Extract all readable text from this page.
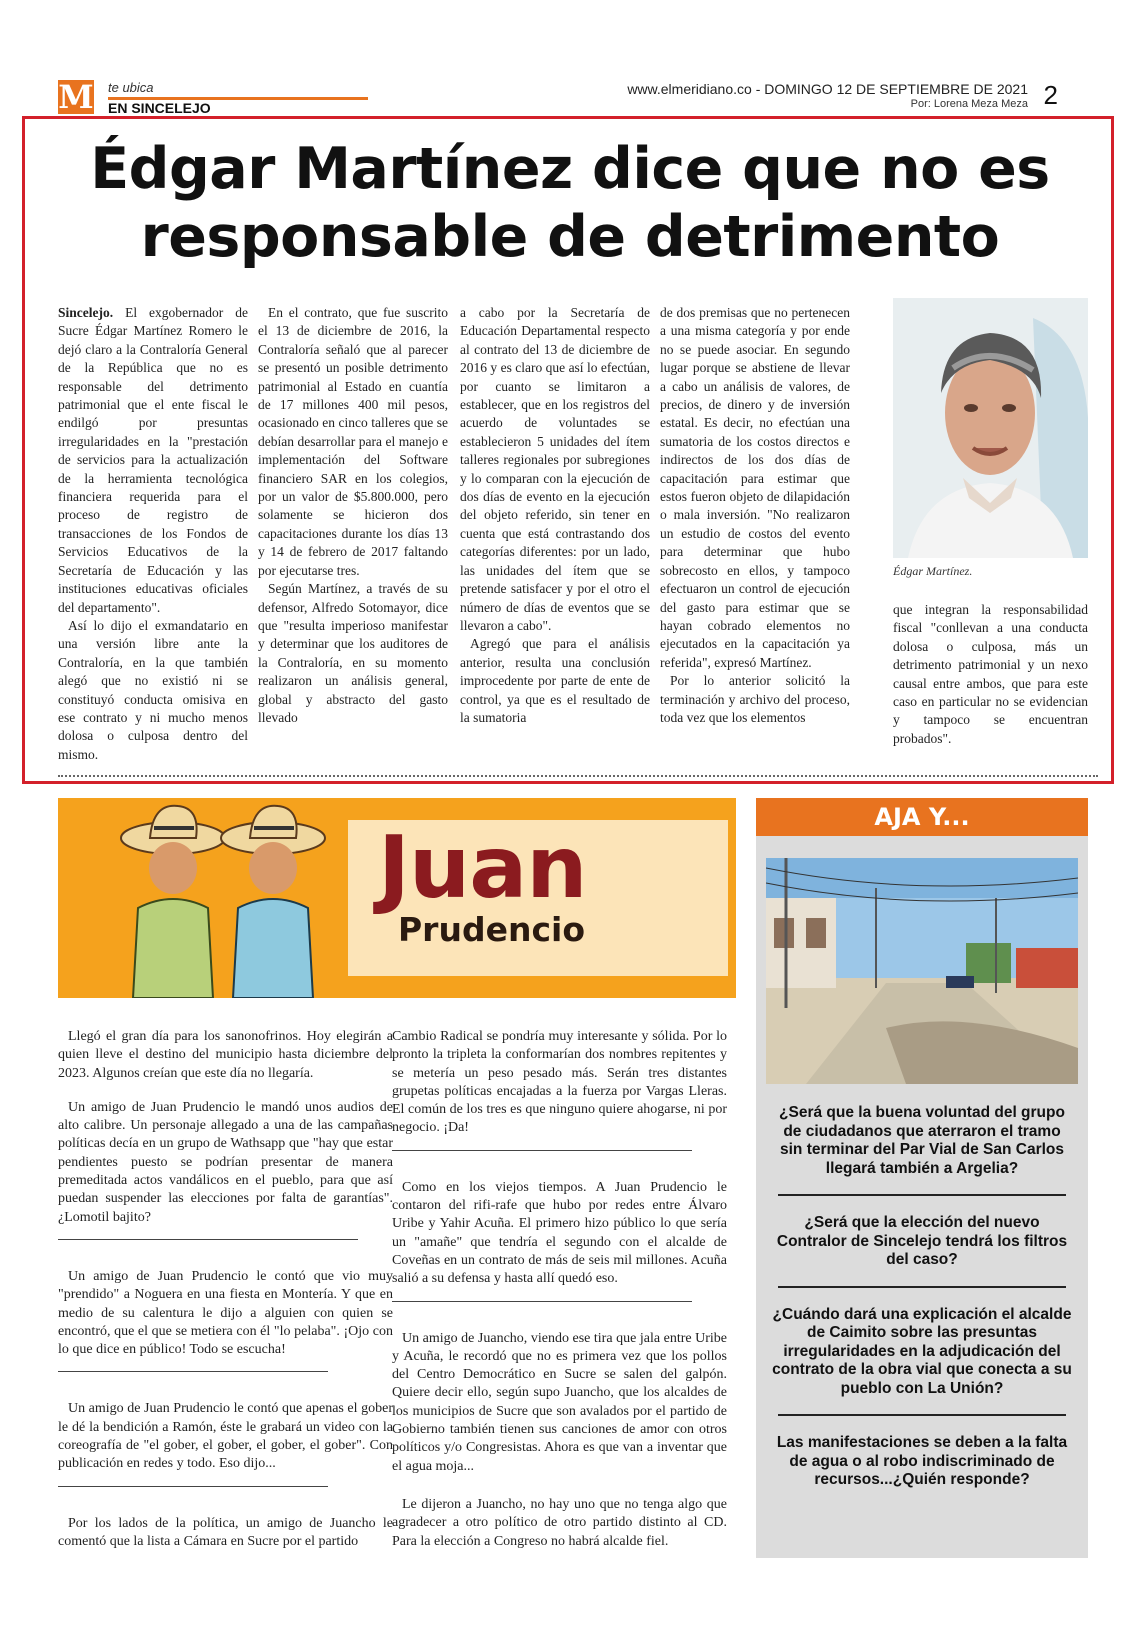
M te ubica
EN SINCELEJO
www.elmeridiano.co - DOMINGO 12 DE SEPTIEMBRE DE 2021
Por: Lorena Meza Meza 2
Édgar Martínez dice que no es
responsable de detrimento

Sincelejo. El exgobernador de Sucre Édgar Martínez Romero le dejó claro a la Contraloría General de la República que no es responsable del detrimento patrimonial que el ente fiscal le endilgó por presuntas irregularidades en la "prestación de servicios para la actualización de la herramienta tecnológica financiera requerida para el proceso de registro de transacciones de los Fondos de Servicios Educativos de la Secretaría de Educación y las instituciones educativas oficiales del departamento".

Así lo dijo el exmandatario en una versión libre ante la Contraloría, en la que también alegó que no existió ni se constituyó conducta omisiva en ese contrato y ni mucho menos dolosa o culposa dentro del mismo.

En el contrato, que fue suscrito el 13 de diciembre de 2016, la Contraloría señaló que al parecer se presentó un posible detrimento patrimonial al Estado en cuantía de 17 millones 400 mil pesos, ocasionado en cinco talleres que se debían desarrollar para el manejo e implementación del Software financiero SAR en los colegios, por un valor de $5.800.000, pero solamente se hicieron dos capacitaciones durante los días 13 y 14 de febrero de 2017 faltando por ejecutarse tres.

Según Martínez, a través de su defensor, Alfredo Sotomayor, dice que "resulta imperioso manifestar y determinar que los auditores de la Contraloría, en su momento realizaron un análisis general, global y abstracto del gasto llevado

a cabo por la Secretaría de Educación Departamental respecto al contrato del 13 de diciembre de 2016 y es claro que así lo efectúan, por cuanto se limitaron a establecer, que en los registros del acuerdo de voluntades se establecieron 5 unidades del ítem talleres regionales por subregiones y lo comparan con la ejecución de dos días de evento en la ejecución del objeto referido, sin tener en cuenta que está contrastando dos categorías diferentes: por un lado, las unidades del ítem que se pretende satisfacer y por el otro el número de días de eventos que se llevaron a cabo".

Agregó que para el análisis anterior, resulta una conclusión improcedente por parte de ente de control, ya que es el resultado de la sumatoria

de dos premisas que no pertenecen a una misma categoría y por ende no se puede asociar. En segundo lugar porque se abstiene de llevar a cabo un análisis de valores, de precios, de dinero y de inversión estatal. Es decir, no efectúan una sumatoria de los costos directos e indirectos de los dos días de capacitación para estimar que estos fueron objeto de dilapidación o mala inversión. "No realizaron un estudio de costos del evento para determinar que hubo sobrecosto en ellos, y tampoco efectuaron un control de ejecución del gasto para estimar que se hayan cobrado elementos no ejecutados en la capacitación ya referida", expresó Martínez.

Por lo anterior solicitó la terminación y archivo del proceso, toda vez que los elementos

Édgar Martínez.

que integran la responsabilidad fiscal "conllevan a una conducta dolosa o culposa, más un detrimento patrimonial y un nexo causal entre ambos, que para este caso en particular no se evidencian y tampoco se encuentran probados".

Juan
Prudencio

Llegó el gran día para los sanonofrinos. Hoy elegirán a quien lleve el destino del municipio hasta diciembre del 2023. Algunos creían que este día no llegaría.

Un amigo de Juan Prudencio le mandó unos audios de alto calibre. Un personaje allegado a una de las campañas políticas decía en un grupo de Wathsapp que "hay que estar pendientes puesto se podrían presentar de manera premeditada actos vandálicos en el pueblo, para que así puedan suspender las elecciones por falta de garantías". ¿Lomotil bajito?

Un amigo de Juan Prudencio le contó que vio muy "prendido" a Noguera en una fiesta en Montería. Y que en medio de su calentura le dijo a alguien con quien se encontró, que el que se metiera con él "lo pelaba". ¡Ojo con lo que dice en público! Todo se escucha!

Un amigo de Juan Prudencio le contó que apenas el gober le dé la bendición a Ramón, éste le grabará un video con la coreografía de "el gober, el gober, el gober, el gober". Con publicación en redes y todo. Eso dijo...

Por los lados de la política, un amigo de Juancho le comentó que la lista a Cámara en Sucre por el partido

Cambio Radical se pondría muy interesante y sólida. Por lo pronto la tripleta la conformarían dos nombres repitentes y se metería un peso pesado más. Serán tres distantes grupetas políticas encajadas a la fuerza por Vargas Lleras. El común de los tres es que ninguno quiere ahogarse, ni por negocio. ¡Da!

Como en los viejos tiempos. A Juan Prudencio le contaron del rifi-rafe que hubo por redes entre Álvaro Uribe y Yahir Acuña. El primero hizo público lo que sería un "amañe" que tendría el segundo con el alcalde de Coveñas en un contrato de más de seis mil millones. Acuña salió a su defensa y hasta allí quedó eso.

Un amigo de Juancho, viendo ese tira que jala entre Uribe y Acuña, le recordó que no es primera vez que los pollos del Centro Democrático en Sucre se salen del galpón. Quiere decir ello, según supo Juancho, que los alcaldes de los municipios de Sucre que son avalados por el partido de Gobierno también tienen sus canciones de amor con otros políticos y/o Congresistas. Ahora es que van a inventar que el agua moja...

Le dijeron a Juancho, no hay uno que no tenga algo que agradecer a otro político de otro partido distinto al CD. Para la elección a Congreso no habrá alcalde fiel.

AJA Y...
¿Será que la buena voluntad del grupo de ciudadanos que aterraron el tramo sin terminar del Par Vial de San Carlos llegará también a Argelia?
¿Será que la elección del nuevo Contralor de Sincelejo tendrá los filtros del caso?
¿Cuándo dará una explicación el alcalde de Caimito sobre las presuntas irregularidades en la adjudicación del contrato de la obra vial que conecta a su pueblo con La Unión?
Las manifestaciones se deben a la falta de agua o al robo indiscriminado de recursos...¿Quién responde?
